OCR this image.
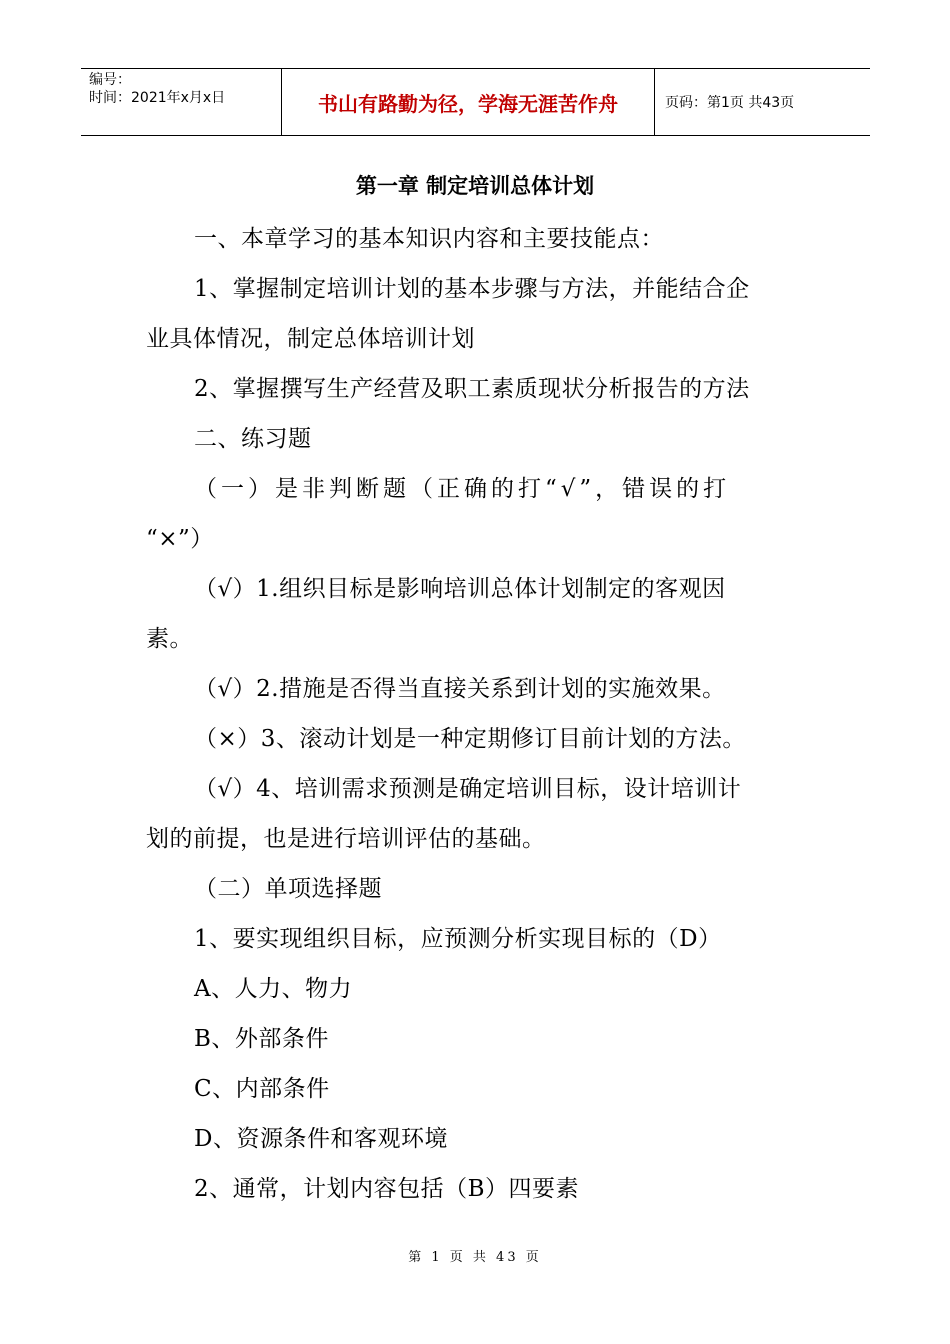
编号：
时间：2021年x月x日	书山有路勤为径，学海无涯苦作舟	页码：第1页 共43页
第一章 制定培训总体计划
一、本章学习的基本知识内容和主要技能点：
1、掌握制定培训计划的基本步骤与方法，并能结合企
业具体情况，制定总体培训计划
2、掌握撰写生产经营及职工素质现状分析报告的方法
二、练习题
（一）是非判断题（正确的打“√”，错误的打
“×”）
（√）1.组织目标是影响培训总体计划制定的客观因
素。
（√）2.措施是否得当直接关系到计划的实施效果。
（×）3、滚动计划是一种定期修订目前计划的方法。
（√）4、培训需求预测是确定培训目标，设计培训计
划的前提，也是进行培训评估的基础。
（二）单项选择题
1、要实现组织目标，应预测分析实现目标的（D）
A、人力、物力
B、外部条件
C、内部条件
D、资源条件和客观环境
2、通常，计划内容包括（B）四要素
第 1 页 共 43 页
